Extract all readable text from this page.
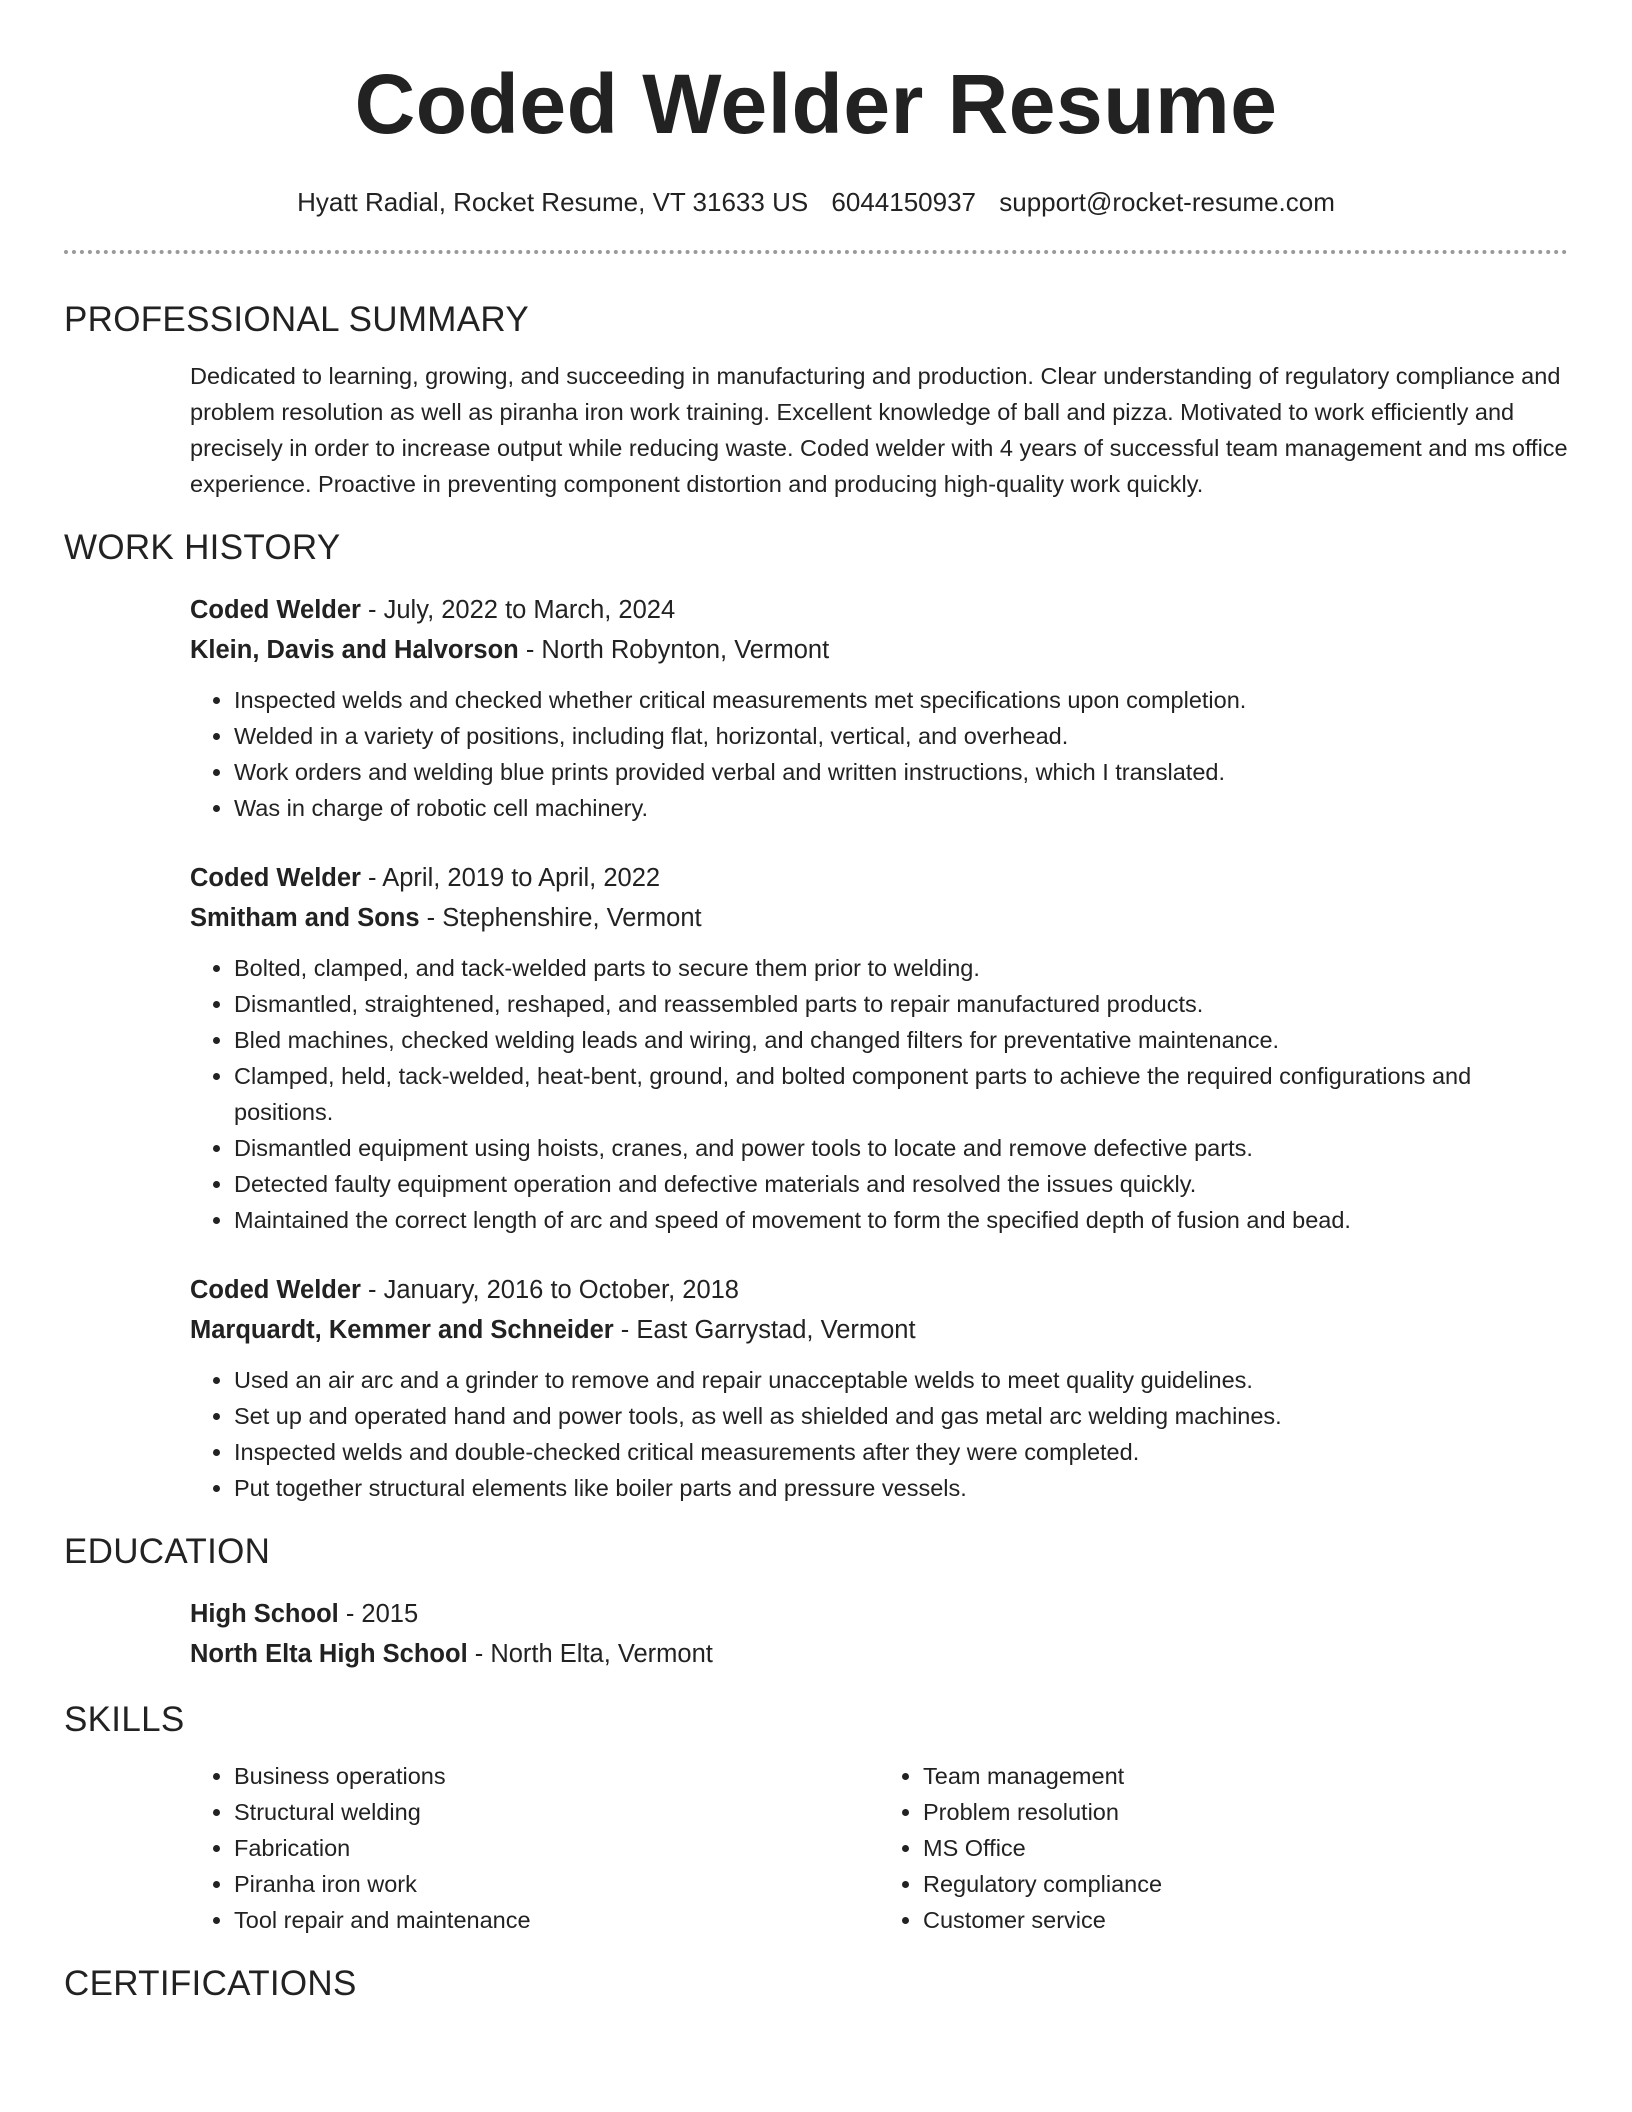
Coded Welder Resume
Hyatt Radial, Rocket Resume, VT 31633 US 6044150937 support@rocket-resume.com
PROFESSIONAL SUMMARY

Dedicated to learning, growing, and succeeding in manufacturing and production. Clear understanding of regulatory compliance and problem resolution as well as piranha iron work training. Excellent knowledge of ball and pizza. Motivated to work efficiently and precisely in order to increase output while reducing waste. Coded welder with 4 years of successful team management and ms office experience. Proactive in preventing component distortion and producing high-quality work quickly.

WORK HISTORY
Coded Welder - July, 2022 to March, 2024
Klein, Davis and Halvorson - North Robynton, Vermont
• Inspected welds and checked whether critical measurements met specifications upon completion.
• Welded in a variety of positions, including flat, horizontal, vertical, and overhead.
• Work orders and welding blue prints provided verbal and written instructions, which I translated.
• Was in charge of robotic cell machinery.
Coded Welder - April, 2019 to April, 2022
Smitham and Sons - Stephenshire, Vermont
• Bolted, clamped, and tack-welded parts to secure them prior to welding.
• Dismantled, straightened, reshaped, and reassembled parts to repair manufactured products.
• Bled machines, checked welding leads and wiring, and changed filters for preventative maintenance.
• Clamped, held, tack-welded, heat-bent, ground, and bolted component parts to achieve the required configurations and positions.
• Dismantled equipment using hoists, cranes, and power tools to locate and remove defective parts.
• Detected faulty equipment operation and defective materials and resolved the issues quickly.
• Maintained the correct length of arc and speed of movement to form the specified depth of fusion and bead.
Coded Welder - January, 2016 to October, 2018
Marquardt, Kemmer and Schneider - East Garrystad, Vermont
• Used an air arc and a grinder to remove and repair unacceptable welds to meet quality guidelines.
• Set up and operated hand and power tools, as well as shielded and gas metal arc welding machines.
• Inspected welds and double-checked critical measurements after they were completed.
• Put together structural elements like boiler parts and pressure vessels.
EDUCATION
High School - 2015
North Elta High School - North Elta, Vermont
SKILLS
• Business operations
• Structural welding
• Fabrication
• Piranha iron work
• Tool repair and maintenance
• Team management
• Problem resolution
• MS Office
• Regulatory compliance
• Customer service
CERTIFICATIONS
